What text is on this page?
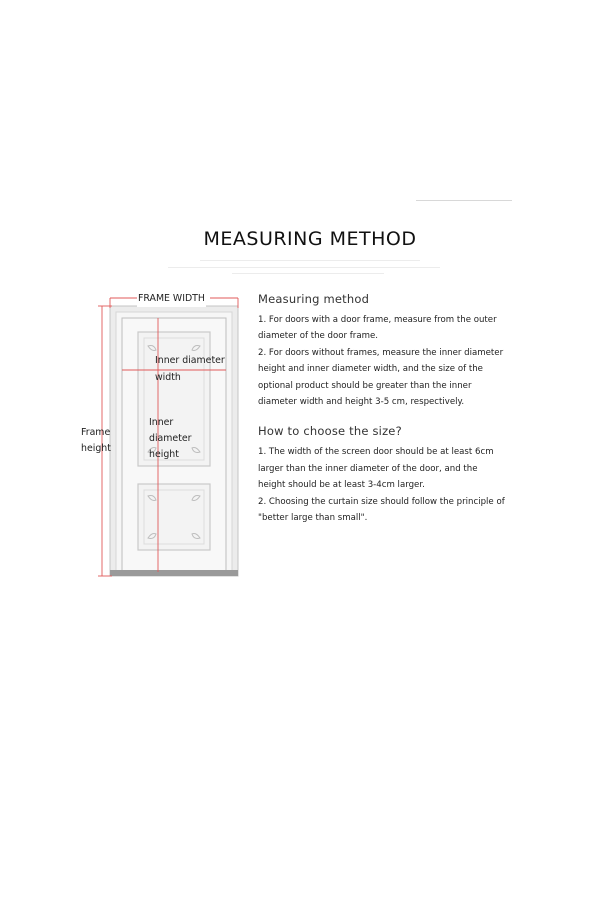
MEASURING METHOD
FRAME WIDTH
Frame
height
Inner diameter
width
Inner
diameter
height
Measuring method

1. For doors with a door frame, measure from the outer

diameter of the door frame.

2. For doors without frames, measure the inner diameter

height and inner diameter width, and the size of the

optional product should be greater than the inner

diameter width and height 3-5 cm, respectively.

How to choose the size?

1. The width of the screen door should be at least 6cm

larger than the inner diameter of the door, and the

height should be at least 3-4cm larger.

2. Choosing the curtain size should follow the principle of

"better large than small".
